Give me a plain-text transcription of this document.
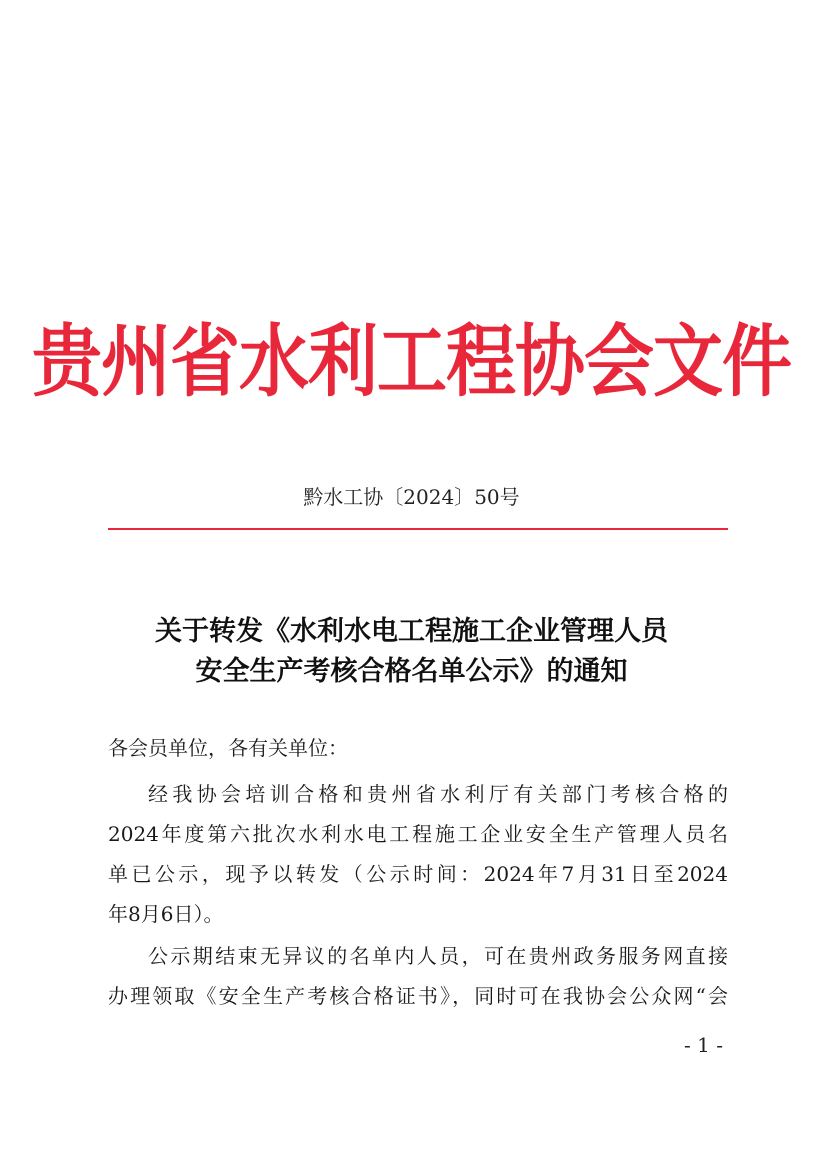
贵州省水利工程协会文件
黔水工协〔2024〕50号
关于转发《水利水电工程施工企业管理人员
安全生产考核合格名单公示》的通知
各会员单位，各有关单位：
经我协会培训合格和贵州省水利厅有关部门考核合格的
2024年度第六批次水利水电工程施工企业安全生产管理人员名
单已公示，现予以转发（公示时间：2024年7月31日至2024
年8月6日）。
公示期结束无异议的名单内人员，可在贵州政务服务网直接
办理领取《安全生产考核合格证书》，同时可在我协会公众网“会
- 1 -
